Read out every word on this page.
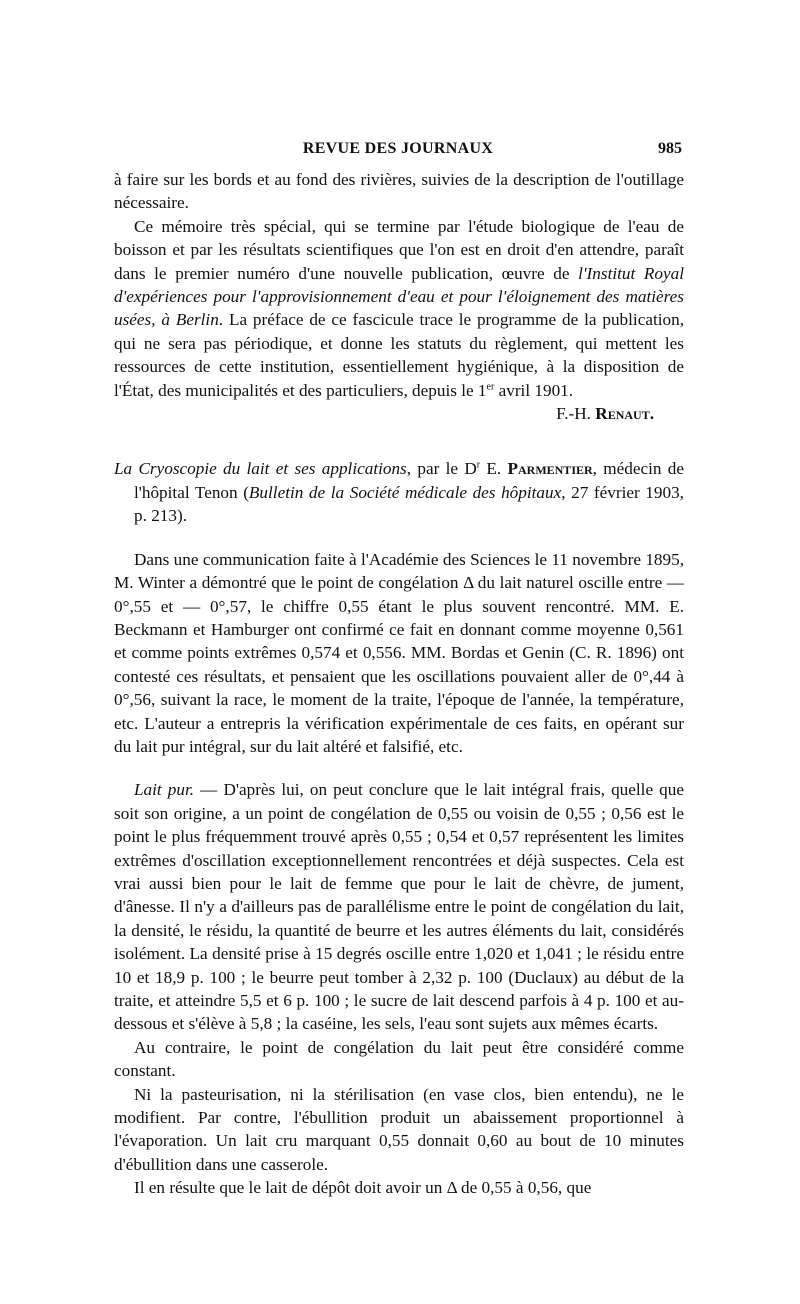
REVUE DES JOURNAUX	985

à faire sur les bords et au fond des rivières, suivies de la description de l'outillage nécessaire.

Ce mémoire très spécial, qui se termine par l'étude biologique de l'eau de boisson et par les résultats scientifiques que l'on est en droit d'en attendre, paraît dans le premier numéro d'une nouvelle publication, œuvre de l'Institut Royal d'expériences pour l'approvisionnement d'eau et pour l'éloignement des matières usées, à Berlin. La préface de ce fascicule trace le programme de la publication, qui ne sera pas périodique, et donne les statuts du règlement, qui mettent les ressources de cette institution, essentiellement hygiénique, à la disposition de l'État, des municipalités et des particuliers, depuis le 1er avril 1901.

F.-H. Renaut.

La Cryoscopie du lait et ses applications, par le $D^r$ E. Parmentier, médecin de l'hôpital Tenon (Bulletin de la Société médicale des hôpitaux, 27 février 1903, p. 213).

Dans une communication faite à l'Académie des Sciences le 11 novembre 1895, M. Winter a démontré que le point de congélation Δ du lait naturel oscille entre — 0°,55 et — 0°,57, le chiffre 0,55 étant le plus souvent rencontré. MM. E. Beckmann et Hamburger ont confirmé ce fait en donnant comme moyenne 0,561 et comme points extrêmes 0,574 et 0,556. MM. Bordas et Genin (C. R. 1896) ont contesté ces résultats, et pensaient que les oscillations pouvaient aller de 0°,44 à 0°,56, suivant la race, le moment de la traite, l'époque de l'année, la température, etc. L'auteur a entrepris la vérification expérimentale de ces faits, en opérant sur du lait pur intégral, sur du lait altéré et falsifié, etc.

Lait pur. — D'après lui, on peut conclure que le lait intégral frais, quelle que soit son origine, a un point de congélation de 0,55 ou voisin de 0,55 ; 0,56 est le point le plus fréquemment trouvé après 0,55 ; 0,54 et 0,57 représentent les limites extrêmes d'oscillation exceptionnellement rencontrées et déjà suspectes. Cela est vrai aussi bien pour le lait de femme que pour le lait de chèvre, de jument, d'ânesse. Il n'y a d'ailleurs pas de parallélisme entre le point de congélation du lait, la densité, le résidu, la quantité de beurre et les autres éléments du lait, considérés isolément. La densité prise à 15 degrés oscille entre 1,020 et 1,041 ; le résidu entre 10 et 18,9 p. 100 ; le beurre peut tomber à 2,32 p. 100 (Duclaux) au début de la traite, et atteindre 5,5 et 6 p. 100 ; le sucre de lait descend parfois à 4 p. 100 et au-dessous et s'élève à 5,8 ; la caséine, les sels, l'eau sont sujets aux mêmes écarts.

Au contraire, le point de congélation du lait peut être considéré comme constant.

Ni la pasteurisation, ni la stérilisation (en vase clos, bien entendu), ne le modifient. Par contre, l'ébullition produit un abaissement proportionnel à l'évaporation. Un lait cru marquant 0,55 donnait 0,60 au bout de 10 minutes d'ébullition dans une casserole.

Il en résulte que le lait de dépôt doit avoir un Δ de 0,55 à 0,56, que
